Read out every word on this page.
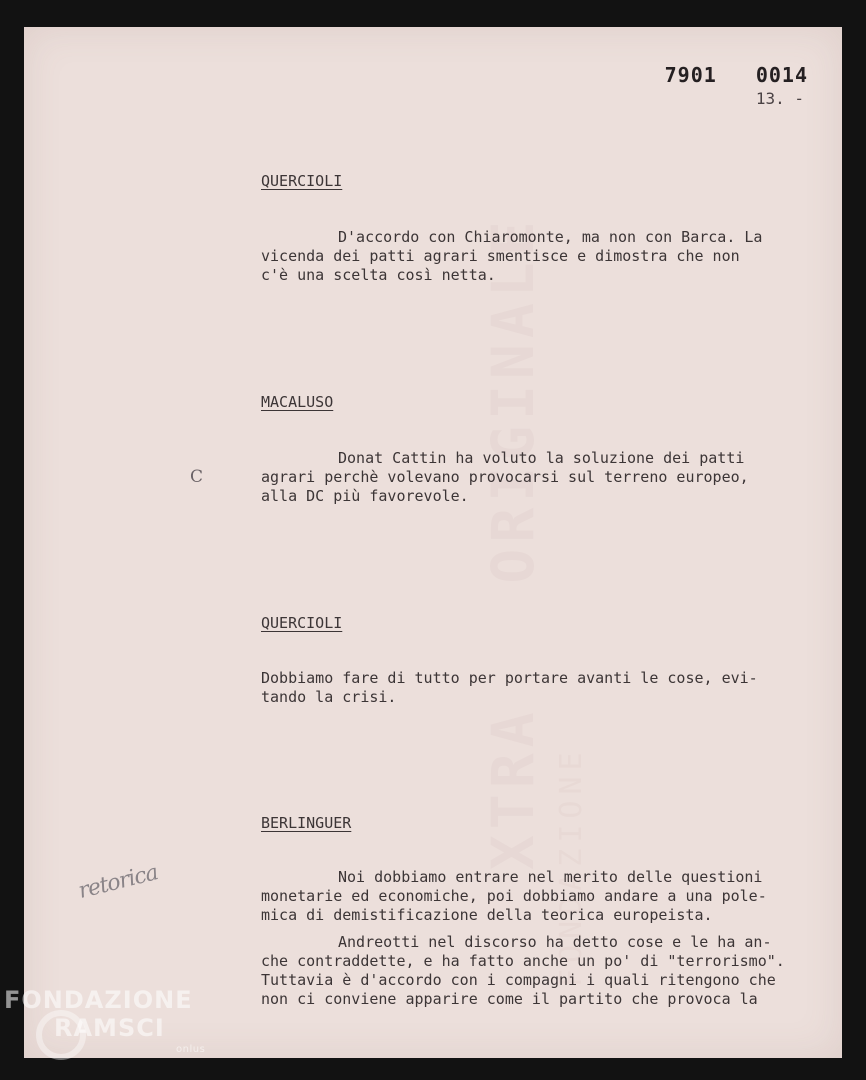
XTRA   ORIGINALE FONDAZIONE
7901 0014
13. -
QUERCIOLI
D'accordo con Chiaromonte, ma non con Barca. La
vicenda dei patti agrari smentisce e dimostra che non
c'è una scelta così netta.
MACALUSO
Donat Cattin ha voluto la soluzione dei patti
agrari perchè volevano provocarsi sul terreno europeo,
alla DC più favorevole.
C
QUERCIOLI
Dobbiamo fare di tutto per portare avanti le cose, evi-
tando la crisi.
BERLINGUER
Noi dobbiamo entrare nel merito delle questioni
monetarie ed economiche, poi dobbiamo andare a una pole-
mica di demistificazione della teorica europeista.
Andreotti nel discorso ha detto cose e le ha an-
che contraddette, e ha fatto anche un po' di "terrorismo".
Tuttavia è d'accordo con i compagni i quali ritengono che
non ci conviene apparire come il partito che provoca la
retorica
FONDAZIONE
RAMSCI
onlus
